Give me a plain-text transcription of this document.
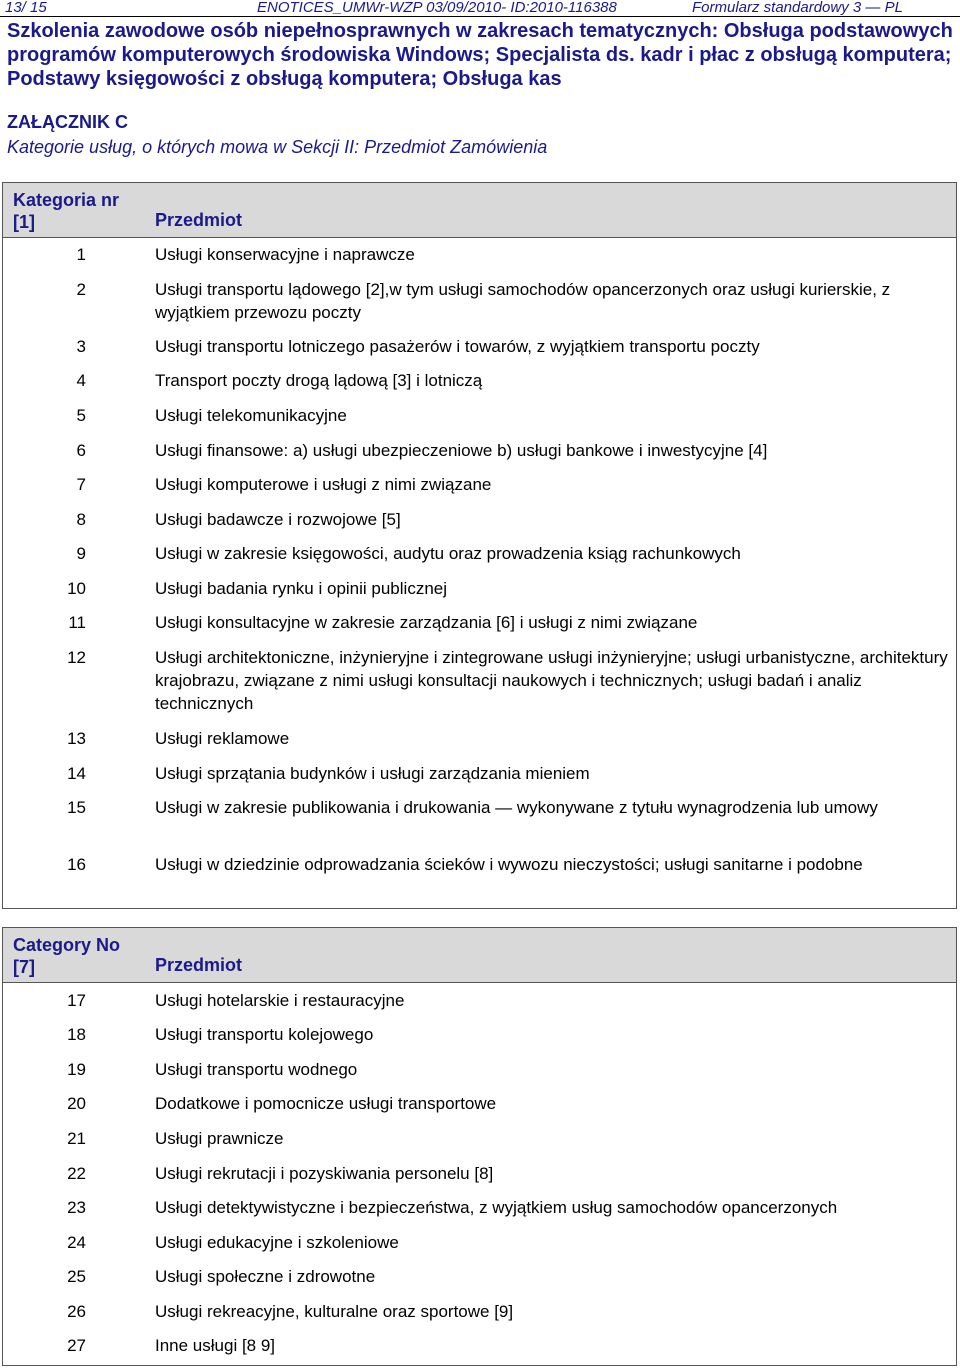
13/ 15	ENOTICES_UMWr-WZP 03/09/2010- ID:2010-116388	Formularz standardowy 3 — PL
Szkolenia zawodowe osób niepełnosprawnych w zakresach tematycznych: Obsługa podstawowych programów komputerowych środowiska Windows; Specjalista ds. kadr i płac z obsługą komputera; Podstawy księgowości z obsługą komputera; Obsługa kas
ZAŁĄCZNIK C
Kategorie usług, o których mowa w Sekcji II: Przedmiot Zamówienia
Kategoria nr [1]	Przedmiot
1	Usługi konserwacyjne i naprawcze
2	Usługi transportu lądowego [2],w tym usługi samochodów opancerzonych oraz usługi kurierskie, z wyjątkiem przewozu poczty
3	Usługi transportu lotniczego pasażerów i towarów, z wyjątkiem transportu poczty
4	Transport poczty drogą lądową [3] i lotniczą
5	Usługi telekomunikacyjne
6	Usługi finansowe: a) usługi ubezpieczeniowe b) usługi bankowe i inwestycyjne [4]
7	Usługi komputerowe i usługi z nimi związane
8	Usługi badawcze i rozwojowe [5]
9	Usługi w zakresie księgowości, audytu oraz prowadzenia ksiąg rachunkowych
10	Usługi badania rynku i opinii publicznej
11	Usługi konsultacyjne w zakresie zarządzania [6] i usługi z nimi związane
12	Usługi architektoniczne, inżynieryjne i zintegrowane usługi inżynieryjne; usługi urbanistyczne, architektury krajobrazu, związane z nimi usługi konsultacji naukowych i technicznych; usługi badań i analiz technicznych
13	Usługi reklamowe
14	Usługi sprzątania budynków i usługi zarządzania mieniem
15	Usługi w zakresie publikowania i drukowania — wykonywane z tytułu wynagrodzenia lub umowy
16	Usługi w dziedzinie odprowadzania ścieków i wywozu nieczystości; usługi sanitarne i podobne
Category No [7]	Przedmiot
17	Usługi hotelarskie i restauracyjne
18	Usługi transportu kolejowego
19	Usługi transportu wodnego
20	Dodatkowe i pomocnicze usługi transportowe
21	Usługi prawnicze
22	Usługi rekrutacji i pozyskiwania personelu [8]
23	Usługi detektywistyczne i bezpieczeństwa, z wyjątkiem usług samochodów opancerzonych
24	Usługi edukacyjne i szkoleniowe
25	Usługi społeczne i zdrowotne
26	Usługi rekreacyjne, kulturalne oraz sportowe [9]
27	Inne usługi [8 9]
